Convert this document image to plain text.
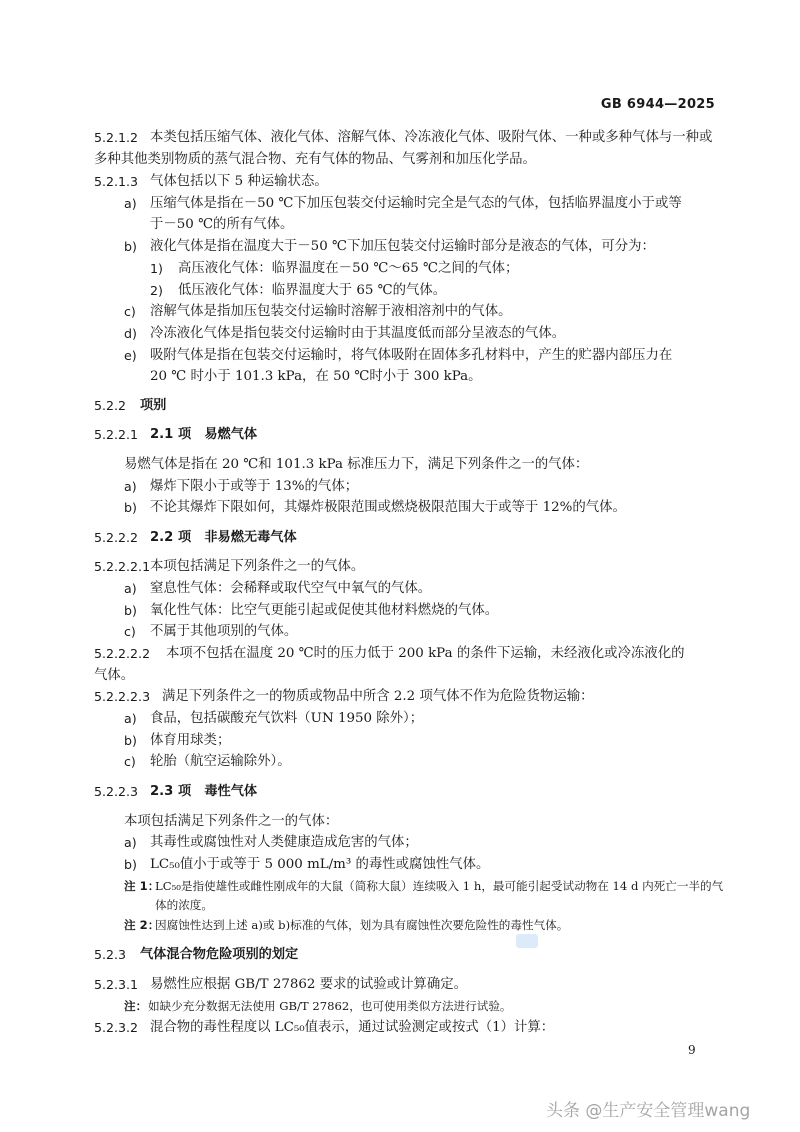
GB 6944—2025
5.2.1.2 本类包括压缩气体、液化气体、溶解气体、冷冻液化气体、吸附气体、一种或多种气体与一种或
多种其他类别物质的蒸气混合物、充有气体的物品、气雾剂和加压化学品。
5.2.1.3 气体包括以下 5 种运输状态。
a) 压缩气体是指在－50 ℃下加压包装交付运输时完全是气态的气体，包括临界温度小于或等
于－50 ℃的所有气体。
b) 液化气体是指在温度大于－50 ℃下加压包装交付运输时部分是液态的气体，可分为：
1) 高压液化气体：临界温度在－50 ℃～65 ℃之间的气体；
2) 低压液化气体：临界温度大于 65 ℃的气体。
c) 溶解气体是指加压包装交付运输时溶解于液相溶剂中的气体。
d) 冷冻液化气体是指包装交付运输时由于其温度低而部分呈液态的气体。
e) 吸附气体是指在包装交付运输时，将气体吸附在固体多孔材料中，产生的贮器内部压力在
20 ℃ 时小于 101.3 kPa，在 50 ℃时小于 300 kPa。
5.2.2 项别
5.2.2.1 2.1 项　易燃气体
易燃气体是指在 20 ℃和 101.3 kPa 标准压力下，满足下列条件之一的气体：
a) 爆炸下限小于或等于 13%的气体；
b) 不论其爆炸下限如何，其爆炸极限范围或燃烧极限范围大于或等于 12%的气体。
5.2.2.2 2.2 项　非易燃无毒气体
5.2.2.2.1 本项包括满足下列条件之一的气体。
a) 窒息性气体：会稀释或取代空气中氧气的气体。
b) 氧化性气体：比空气更能引起或促使其他材料燃烧的气体。
c) 不属于其他项别的气体。
5.2.2.2.2 本项不包括在温度 20 ℃时的压力低于 200 kPa 的条件下运输，未经液化或冷冻液化的
气体。
5.2.2.2.3 满足下列条件之一的物质或物品中所含 2.2 项气体不作为危险货物运输：
a) 食品，包括碳酸充气饮料（UN 1950 除外）；
b) 体育用球类；
c) 轮胎（航空运输除外）。
5.2.2.3 2.3 项　毒性气体
本项包括满足下列条件之一的气体：
a) 其毒性或腐蚀性对人类健康造成危害的气体；
b) LC₅₀值小于或等于 5 000 mL/m³ 的毒性或腐蚀性气体。
注 1：
LC₅₀是指使雄性或雌性刚成年的大鼠（简称大鼠）连续吸入 1 h，最可能引起受试动物在 14 d 内死亡一半的气
体的浓度。
注 2：
因腐蚀性达到上述 a)或 b)标准的气体，划为具有腐蚀性次要危险性的毒性气体。
5.2.3 气体混合物危险项别的划定
5.2.3.1 易燃性应根据 GB/T 27862 要求的试验或计算确定。
注： 如缺少充分数据无法使用 GB/T 27862，也可使用类似方法进行试验。
5.2.3.2 混合物的毒性程度以 LC₅₀值表示，通过试验测定或按式（1）计算：
9
头条 @生产安全管理wang
